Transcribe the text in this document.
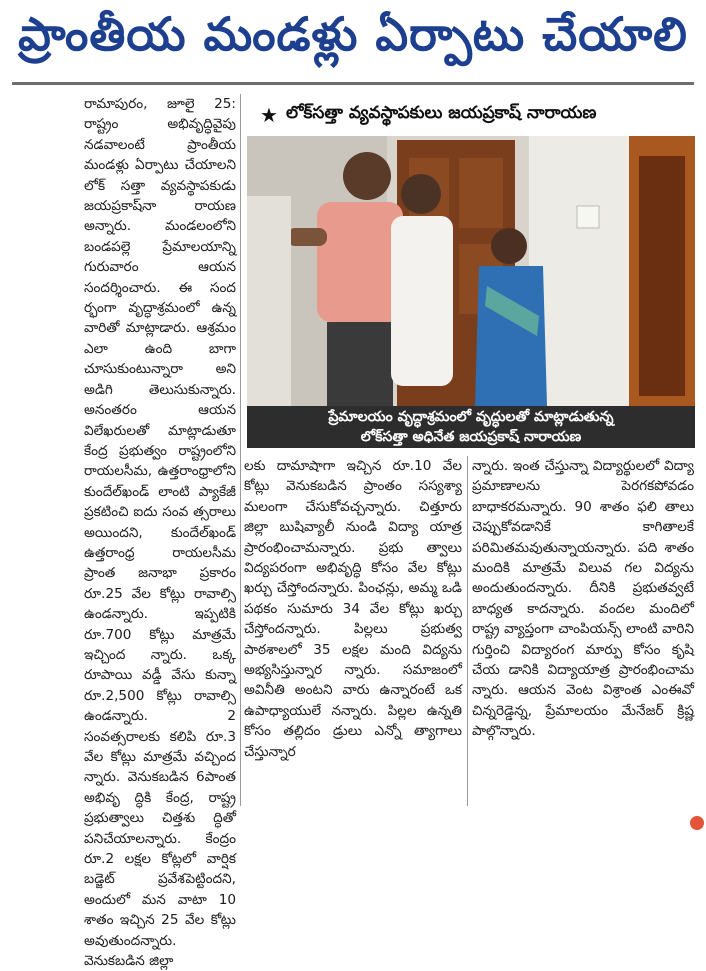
ప్రాంతీయ మండళ్లు ఏర్పాటు చేయాలి

రామాపురం, జూలై 25: రాష్ట్రం అభివృద్ధివైపు నడవాలంటే ప్రాంతీయ మండళ్లు ఏర్పాటు చేయాలని లోక్ సత్తా వ్యవస్థాపకుడు జయప్రకాష్‌నా రాయణ అన్నారు. మండలంలోని బండపల్లె ప్రేమాలయాన్ని గురువారం ఆయన సందర్శించారు. ఈ సంద ర్భంగా వృద్ధాశ్రమంలో ఉన్న వారితో మాట్లాడారు. ఆశ్రమం ఎలా ఉంది బాగా చూసుకుంటున్నారా అని అడిగి తెలుసుకున్నారు. అనంతరం ఆయన విలేఖరులతో మాట్లాడుతూ కేంద్ర ప్రభుత్వం రాష్ట్రంలోని రాయలసీమ, ఉత్తరాంధ్రాలోని కుందేల్‌ఖండ్ లాంటి ప్యాకేజీ ప్రకటించి ఐదు సంవ త్సరాలు అయిందని, కుందేల్‌ఖండ్ ఉత్తరాంధ్ర రాయలసీమ ప్రాంత జనాభా ప్రకారం రూ.25 వేల కోట్లు రావాల్సి ఉండన్నారు. ఇప్పటికి రూ.700 కోట్లు మాత్రమే ఇచ్చింద న్నారు. ఒక్క రూపాయి వడ్డీ వేసు కున్నా రూ.2,500 కోట్లు రావాల్సి ఉండన్నారు. 2 సంవత్సరాలకు కలిపి రూ.3 వేల కోట్లు మాత్రమే వచ్చింద న్నారు. వెనుకబడిన 6పాంత అభివృ ద్ధికి కేంద్ర, రాష్ట్ర ప్రభుత్వాలు చిత్తశు ద్ధితో పనిచేయాలన్నారు. కేంద్రం రూ.2 లక్షల కోట్లలో వార్షిక బడ్జెట్ ప్రవేశపెట్టిందని, అందులో మన వాటా 10 శాతం ఇచ్చిన 25 వేల కోట్లు అవుతుందన్నారు. వెనుకబడిన జిల్లా

★ లోక్‌సత్తా వ్యవస్థాపకులు జయప్రకాష్ నారాయణ
ప్రేమాలయం వృద్ధాశ్రమంలో వృద్ధులతో మాట్లాడుతున్న
లోక్‌సత్తా అధినేత జయప్రకాష్ నారాయణ

లకు దామాషాగా ఇచ్చిన రూ.10 వేల కోట్లు వెనుకబడిన ప్రాంతం సస్యశ్యా మలంగా చేసుకోవచ్చన్నారు. చిత్తూరు జిల్లా బుషివ్యాలీ నుండి విద్యా యాత్ర ప్రారంభించామన్నారు. ప్రభు త్వాలు విద్యపరంగా అభివృద్ధి కోసం వేల కోట్లు ఖర్చు చేస్తోందన్నారు. పింఛన్లు, అమ్మ ఒడి పథకం సుమారు 34 వేల కోట్లు ఖర్చు చేస్తోందన్నారు. పిల్లలు ప్రభుత్వ పాఠశాలలో 35 లక్షల మంది విద్యను అభ్యసిస్తున్నార న్నారు. సమాజంలో అవినీతి అంటని వారు ఉన్నారంటే ఒక ఉపాధ్యాయులే నన్నారు. పిల్లల ఉన్నతి కోసం తల్లిదం డ్రులు ఎన్నో త్యాగాలు చేస్తున్నార

న్నారు. ఇంత చేస్తున్నా విద్యార్థులలో విద్యా ప్రమాణాలను పెరగకపోవడం బాధాకరమన్నారు. 90 శాతం ఫలి తాలు చెప్పుకోవడానికే కాగితాలకే పరిమితమవుతున్నాయన్నారు. పది శాతం మందికి మాత్రమే విలువ గల విద్యను అందుతుందన్నారు. దీనికి ప్రభుతవ్వటే బాధ్యత కాదన్నారు. వందల మందిలో రాష్ట్ర వ్యాప్తంగా చాంపియన్స్ లాంటి వారిని గుర్తించి విద్యారంగ మార్పు కోసం కృషి చేయ డానికి విద్యాయాత్ర ప్రారంభించామ న్నారు. ఆయన వెంట విశ్రాంత ఎంఈవో చిన్నరెడ్డెన్న, ప్రేమాలయం మేనేజర్ క్రిష్ణ పాల్గొన్నారు.
